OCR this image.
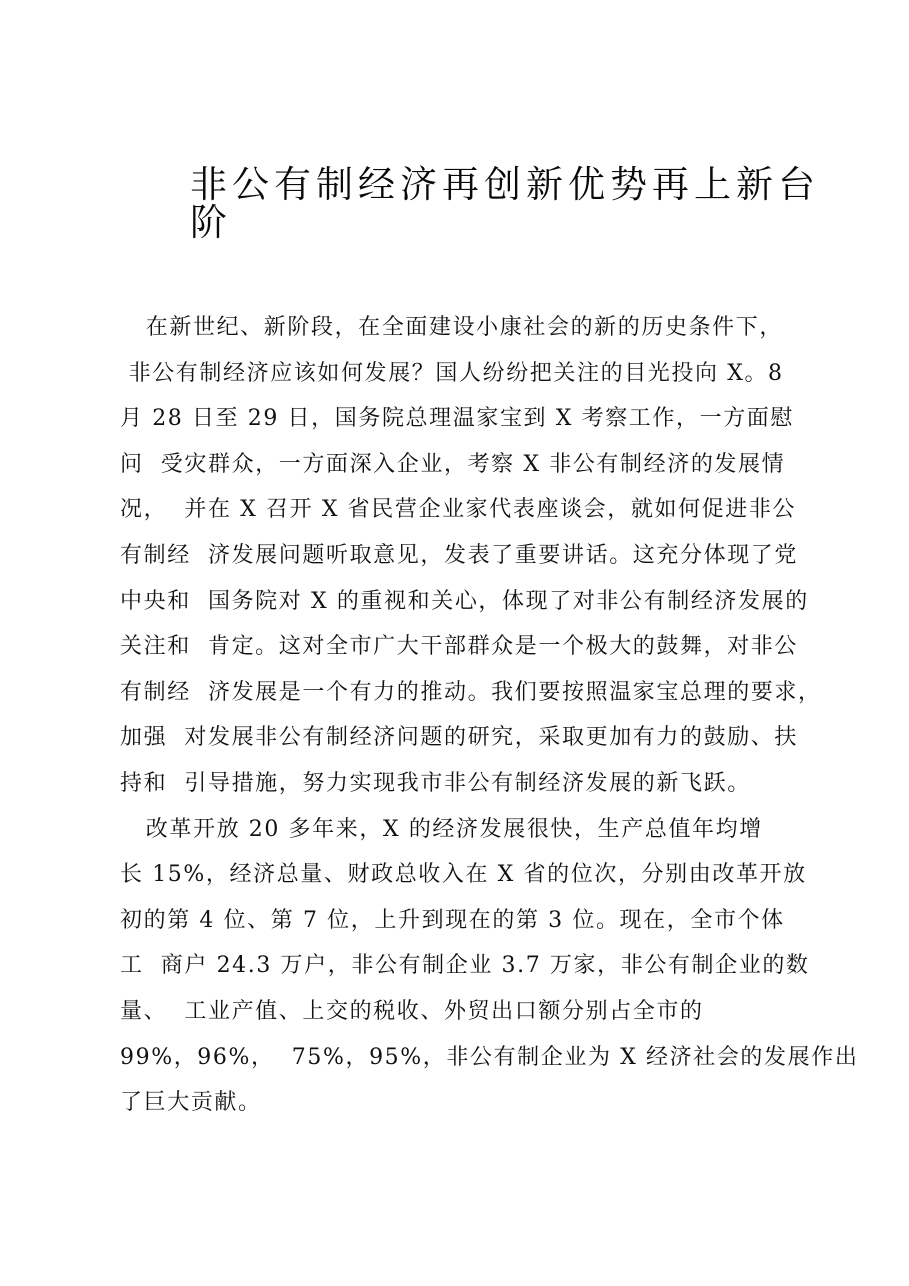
非公有制经济再创新优势再上新台
阶
在新世纪、新阶段，在全面建设小康社会的新的历史条件下，
非公有制经济应该如何发展？国人纷纷把关注的目光投向 X。8
月 28 日至 29 日，国务院总理温家宝到 X 考察工作，一方面慰
问  受灾群众，一方面深入企业，考察 X 非公有制经济的发展情
况，  并在 X 召开 X 省民营企业家代表座谈会，就如何促进非公
有制经  济发展问题听取意见，发表了重要讲话。这充分体现了党
中央和  国务院对 X 的重视和关心，体现了对非公有制经济发展的
关注和  肯定。这对全市广大干部群众是一个极大的鼓舞，对非公
有制经  济发展是一个有力的推动。我们要按照温家宝总理的要求，
加强  对发展非公有制经济问题的研究，采取更加有力的鼓励、扶
持和  引导措施，努力实现我市非公有制经济发展的新飞跃。
改革开放 20 多年来，X 的经济发展很快，生产总值年均增
长 15%，经济总量、财政总收入在 X 省的位次，分别由改革开放
初的第 4 位、第 7 位，上升到现在的第 3 位。现在，全市个体
工  商户 24.3 万户，非公有制企业 3.7 万家，非公有制企业的数
量、  工业产值、上交的税收、外贸出口额分别占全市的
99%，96%，  75%，95%，非公有制企业为 X 经济社会的发展作出
了巨大贡献。
